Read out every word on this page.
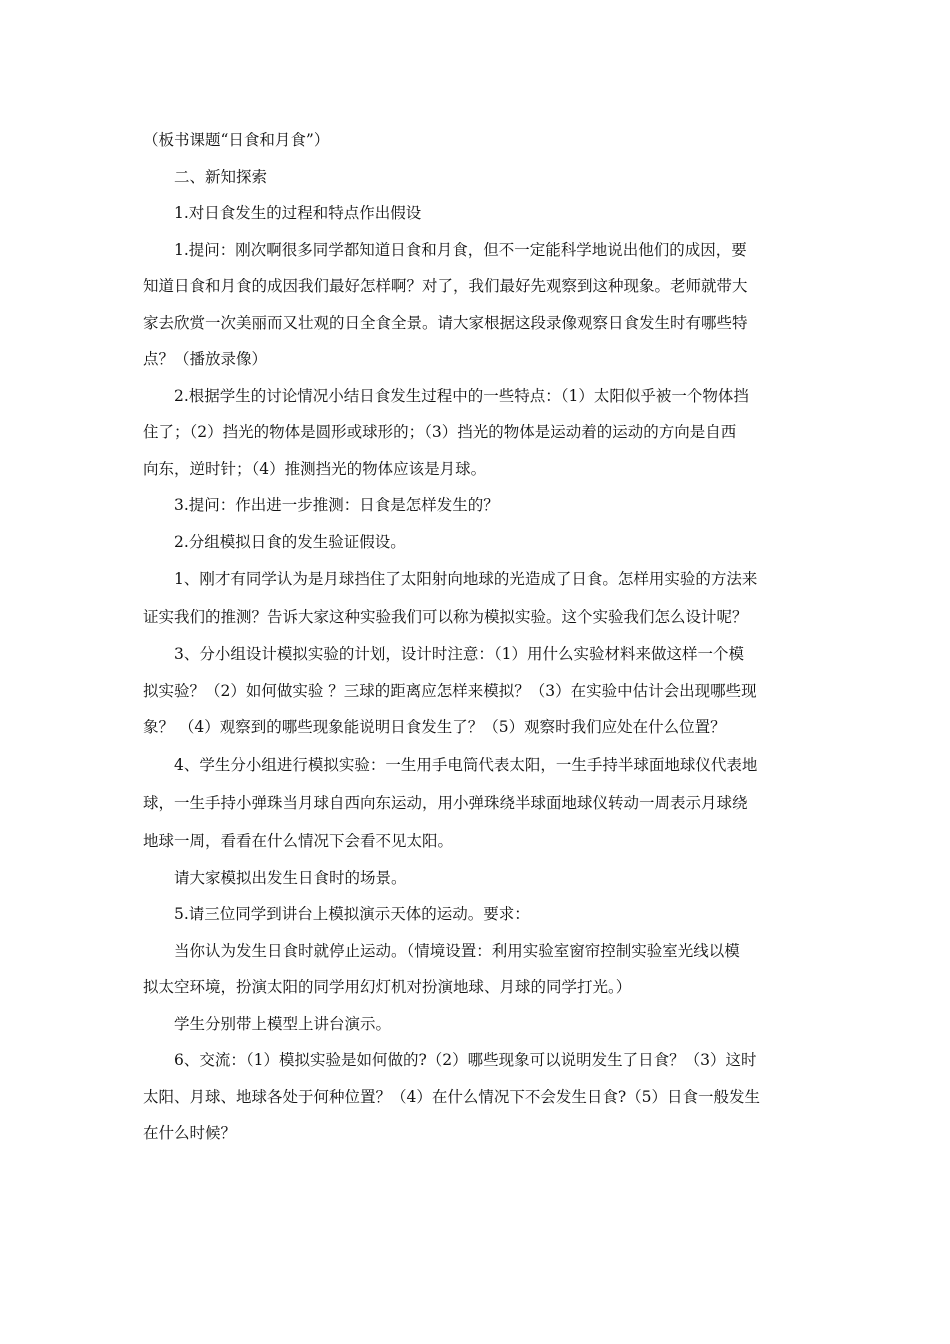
（板书课题“日食和月食”）
二、新知探索
1.对日食发生的过程和特点作出假设
1.提问：刚次啊很多同学都知道日食和月食，但不一定能科学地说出他们的成因，要
知道日食和月食的成因我们最好怎样啊？对了，我们最好先观察到这种现象。老师就带大
家去欣赏一次美丽而又壮观的日全食全景。请大家根据这段录像观察日食发生时有哪些特
点？（播放录像）
2.根据学生的讨论情况小结日食发生过程中的一些特点：（1）太阳似乎被一个物体挡
住了；（2）挡光的物体是圆形或球形的；（3）挡光的物体是运动着的运动的方向是自西
向东，逆时针；（4）推测挡光的物体应该是月球。
3.提问：作出进一步推测：日食是怎样发生的？
2.分组模拟日食的发生验证假设。
1、刚才有同学认为是月球挡住了太阳射向地球的光造成了日食。怎样用实验的方法来
证实我们的推测？告诉大家这种实验我们可以称为模拟实验。这个实验我们怎么设计呢？
3、分小组设计模拟实验的计划，设计时注意：（1）用什么实验材料来做这样一个模
拟实验？（2）如何做实验 ？三球的距离应怎样来模拟？（3）在实验中估计会出现哪些现
象？ （4）观察到的哪些现象能说明日食发生了？（5）观察时我们应处在什么位置？
4、学生分小组进行模拟实验：一生用手电筒代表太阳，一生手持半球面地球仪代表地
球，一生手持小弹珠当月球自西向东运动，用小弹珠绕半球面地球仪转动一周表示月球绕
地球一周，看看在什么情况下会看不见太阳。
请大家模拟出发生日食时的场景。
5.请三位同学到讲台上模拟演示天体的运动。要求：
当你认为发生日食时就停止运动。（情境设置：利用实验室窗帘控制实验室光线以模
拟太空环境，扮演太阳的同学用幻灯机对扮演地球、月球的同学打光。）
学生分别带上模型上讲台演示。
6、交流：（1）模拟实验是如何做的?（2）哪些现象可以说明发生了日食？（3）这时
太阳、月球、地球各处于何种位置？（4）在什么情况下不会发生日食?（5）日食一般发生
在什么时候？
